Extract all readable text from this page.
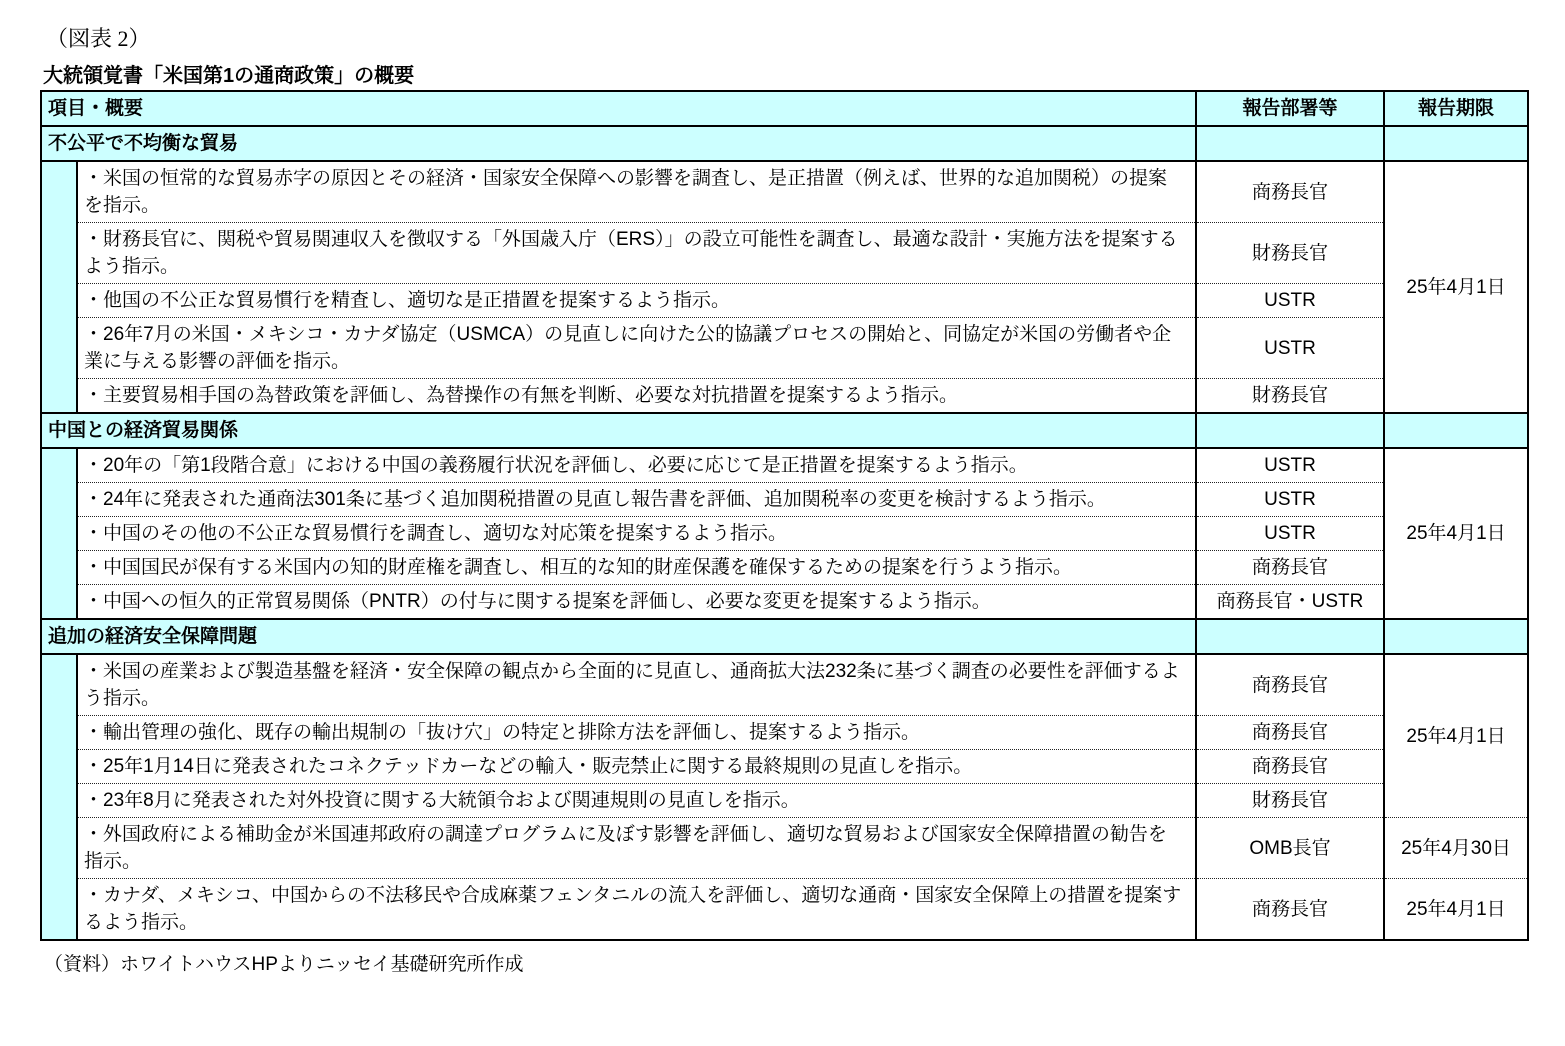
（図表 2）
大統領覚書「米国第1の通商政策」の概要
項目・概要		報告部署等	報告期限
不公平で不均衡な貿易			
	・米国の恒常的な貿易赤字の原因とその経済・国家安全保障への影響を調査し、是正措置（例えば、世界的な追加関税）の提案を指示。	商務長官	25年4月1日
	・財務長官に、関税や貿易関連収入を徴収する「外国歳入庁（ERS）」の設立可能性を調査し、最適な設計・実施方法を提案するよう指示。	財務長官	
	・他国の不公正な貿易慣行を精査し、適切な是正措置を提案するよう指示。	USTR	
	・26年7月の米国・メキシコ・カナダ協定（USMCA）の見直しに向けた公的協議プロセスの開始と、同協定が米国の労働者や企業に与える影響の評価を指示。	USTR	
	・主要貿易相手国の為替政策を評価し、為替操作の有無を判断、必要な対抗措置を提案するよう指示。	財務長官	
中国との経済貿易関係			
	・20年の「第1段階合意」における中国の義務履行状況を評価し、必要に応じて是正措置を提案するよう指示。	USTR	25年4月1日
	・24年に発表された通商法301条に基づく追加関税措置の見直し報告書を評価、追加関税率の変更を検討するよう指示。	USTR	
	・中国のその他の不公正な貿易慣行を調査し、適切な対応策を提案するよう指示。	USTR	
	・中国国民が保有する米国内の知的財産権を調査し、相互的な知的財産保護を確保するための提案を行うよう指示。	商務長官	
	・中国への恒久的正常貿易関係（PNTR）の付与に関する提案を評価し、必要な変更を提案するよう指示。	商務長官・USTR	
追加の経済安全保障問題			
	・米国の産業および製造基盤を経済・安全保障の観点から全面的に見直し、通商拡大法232条に基づく調査の必要性を評価するよう指示。	商務長官	25年4月1日
	・輸出管理の強化、既存の輸出規制の「抜け穴」の特定と排除方法を評価し、提案するよう指示。	商務長官	
	・25年1月14日に発表されたコネクテッドカーなどの輸入・販売禁止に関する最終規則の見直しを指示。	商務長官	
	・23年8月に発表された対外投資に関する大統領令および関連規則の見直しを指示。	財務長官	
	・外国政府による補助金が米国連邦政府の調達プログラムに及ぼす影響を評価し、適切な貿易および国家安全保障措置の勧告を指示。	OMB長官	25年4月30日
	・カナダ、メキシコ、中国からの不法移民や合成麻薬フェンタニルの流入を評価し、適切な通商・国家安全保障上の措置を提案するよう指示。	商務長官	25年4月1日
（資料）ホワイトハウスHPよりニッセイ基礎研究所作成
